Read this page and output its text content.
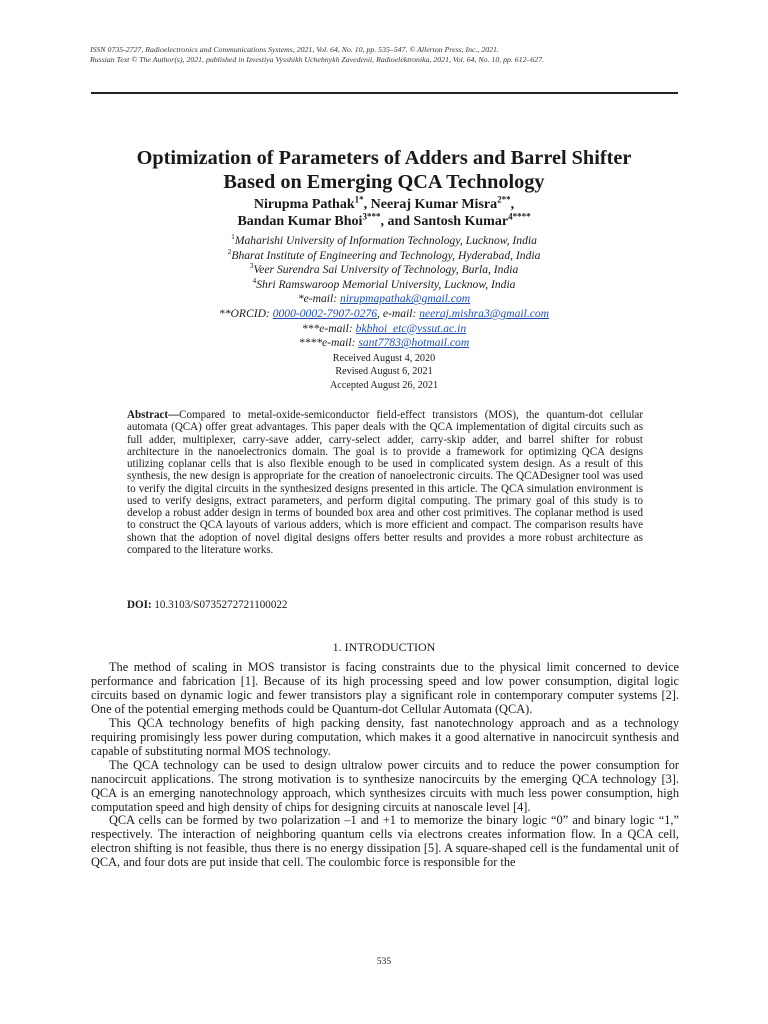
ISSN 0735-2727, Radioelectronics and Communications Systems, 2021, Vol. 64, No. 10, pp. 535–547. © Allerton Press, Inc., 2021.
Russian Text © The Author(s), 2021, published in Izvestiya Vysshikh Uchebnykh Zavedenii, Radioelektronika, 2021, Vol. 64, No. 10, pp. 612–627.
Optimization of Parameters of Adders and Barrel Shifter
Based on Emerging QCA Technology
Nirupma Pathak$^{1*}$, Neeraj Kumar Misra$^{2**}$,
Bandan Kumar Bhoi$^{3***}$, and Santosh Kumar$^{4****}$
$^1$Maharishi University of Information Technology, Lucknow, India
$^2$Bharat Institute of Engineering and Technology, Hyderabad, India
$^3$Veer Surendra Sai University of Technology, Burla, India
$^4$Shri Ramswaroop Memorial University, Lucknow, India
*e-mail: nirupmapathak@gmail.com
**ORCID: 0000-0002-7907-0276, e-mail: neeraj.mishra3@gmail.com
***e-mail: bkbhoi_etc@vssut.ac.in
****e-mail: sant7783@hotmail.com
Received August 4, 2020
Revised August 6, 2021
Accepted August 26, 2021
Abstract—Compared to metal-oxide-semiconductor field-effect transistors (MOS), the quantum-dot cellular automata (QCA) offer great advantages. This paper deals with the QCA implementation of digital circuits such as full adder, multiplexer, carry-save adder, carry-select adder, carry-skip adder, and barrel shifter for robust architecture in the nanoelectronics domain. The goal is to provide a framework for optimizing QCA designs utilizing coplanar cells that is also flexible enough to be used in complicated system design. As a result of this synthesis, the new design is appropriate for the creation of nanoelectronic circuits. The QCADesigner tool was used to verify the digital circuits in the synthesized designs presented in this article. The QCA simulation environment is used to verify designs, extract parameters, and perform digital computing. The primary goal of this study is to develop a robust adder design in terms of bounded box area and other cost primitives. The coplanar method is used to construct the QCA layouts of various adders, which is more efficient and compact. The comparison results have shown that the adoption of novel digital designs offers better results and provides a more robust architecture as compared to the literature works.
DOI: 10.3103/S0735272721100022
1. INTRODUCTION

The method of scaling in MOS transistor is facing constraints due to the physical limit concerned to device performance and fabrication [1]. Because of its high processing speed and low power consumption, digital logic circuits based on dynamic logic and fewer transistors play a significant role in contemporary computer systems [2]. One of the potential emerging methods could be Quantum-dot Cellular Automata (QCA).

This QCA technology benefits of high packing density, fast nanotechnology approach and as a technology requiring promisingly less power during computation, which makes it a good alternative in nanocircuit synthesis and capable of substituting normal MOS technology.

The QCA technology can be used to design ultralow power circuits and to reduce the power consumption for nanocircuit applications. The strong motivation is to synthesize nanocircuits by the emerging QCA technology [3]. QCA is an emerging nanotechnology approach, which synthesizes circuits with much less power consumption, high computation speed and high density of chips for designing circuits at nanoscale level [4].

QCA cells can be formed by two polarization –1 and +1 to memorize the binary logic “0” and binary logic “1,” respectively. The interaction of neighboring quantum cells via electrons creates information flow. In a QCA cell, electron shifting is not feasible, thus there is no energy dissipation [5]. A square-shaped cell is the fundamental unit of QCA, and four dots are put inside that cell. The coulombic force is responsible for the

535
